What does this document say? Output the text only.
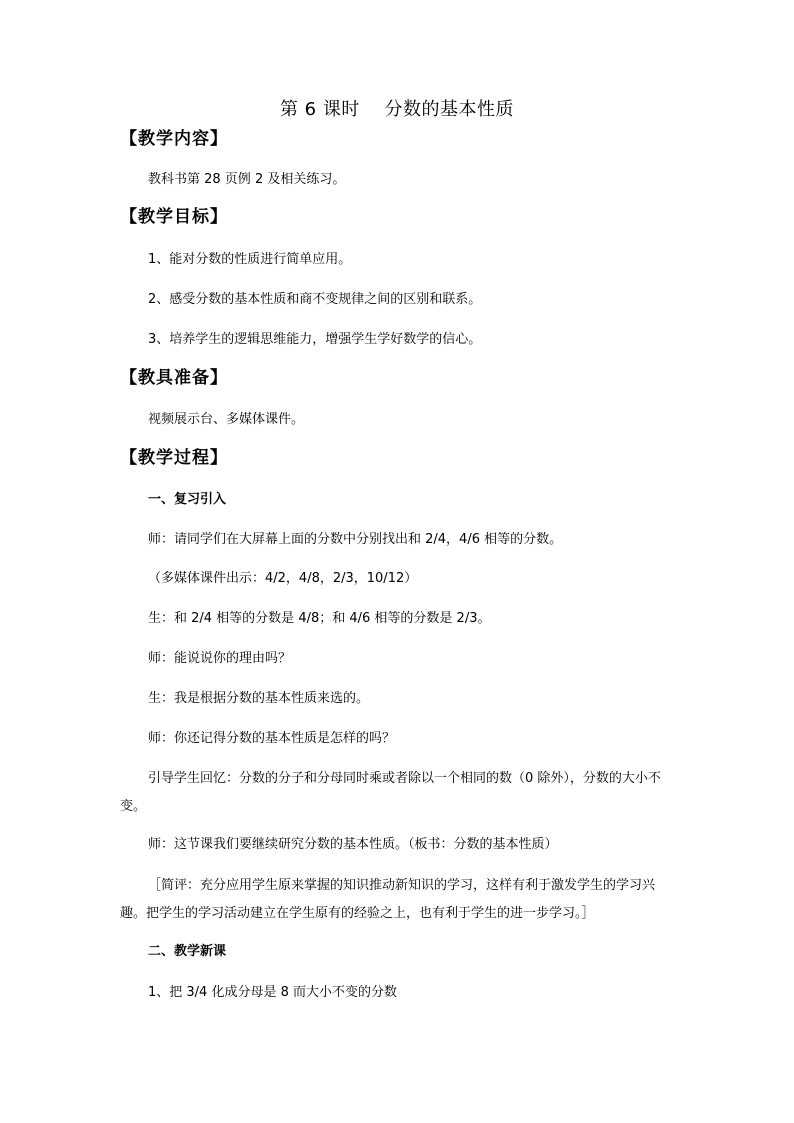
第 6 课时　 分数的基本性质
【教学内容】
教科书第 28 页例 2 及相关练习。
【教学目标】
1、能对分数的性质进行简单应用。
2、感受分数的基本性质和商不变规律之间的区别和联系。
3、培养学生的逻辑思维能力，增强学生学好数学的信心。
【教具准备】
视频展示台、多媒体课件。
【教学过程】
一、复习引入
师：请同学们在大屏幕上面的分数中分别找出和 2/4，4/6 相等的分数。
（多媒体课件出示：4/2，4/8，2/3，10/12）
生：和 2/4 相等的分数是 4/8；和 4/6 相等的分数是 2/3。
师：能说说你的理由吗？
生：我是根据分数的基本性质来选的。
师：你还记得分数的基本性质是怎样的吗？
引导学生回忆：分数的分子和分母同时乘或者除以一个相同的数（0 除外），分数的大小不变。
师：这节课我们要继续研究分数的基本性质。（板书：分数的基本性质）
［简评：充分应用学生原来掌握的知识推动新知识的学习，这样有利于激发学生的学习兴趣。把学生的学习活动建立在学生原有的经验之上，也有利于学生的进一步学习。］
二、教学新课
1、把 3/4 化成分母是 8 而大小不变的分数
